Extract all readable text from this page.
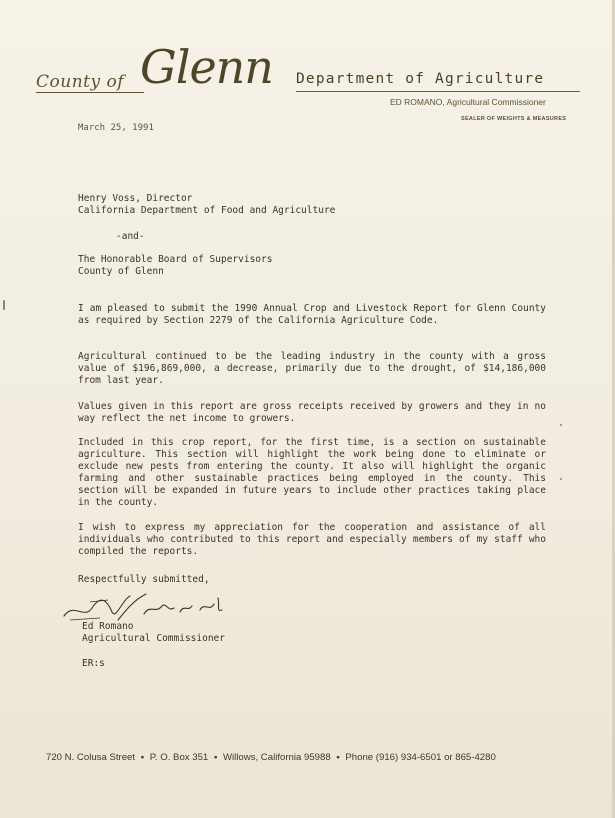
County of Glenn Department of Agriculture
ED ROMANO, Agricultural Commissioner
SEALER OF WEIGHTS & MEASURES
March 25, 1991
Henry Voss, Director
California Department of Food and Agriculture
-and-
The Honorable Board of Supervisors
County of Glenn

I am pleased to submit the 1990 Annual Crop and Livestock Report for Glenn County as required by Section 2279 of the California Agriculture Code.

Agricultural continued to be the leading industry in the county with a gross value of $196,869,000, a decrease, primarily due to the drought, of $14,186,000 from last year.

Values given in this report are gross receipts received by growers and they in no way reflect the net income to growers.

Included in this crop report, for the first time, is a section on sustainable agriculture. This section will highlight the work being done to eliminate or exclude new pests from entering the county. It also will highlight the organic farming and other sustainable practices being employed in the county. This section will be expanded in future years to include other practices taking place in the county.

I wish to express my appreciation for the cooperation and assistance of all individuals who contributed to this report and especially members of my staff who compiled the reports.

Respectfully submitted,
Ed Romano
Agricultural Commissioner
ER:s
720 N. Colusa Street • P. O. Box 351 • Willows, California 95988 • Phone (916) 934-6501 or 865-4280
